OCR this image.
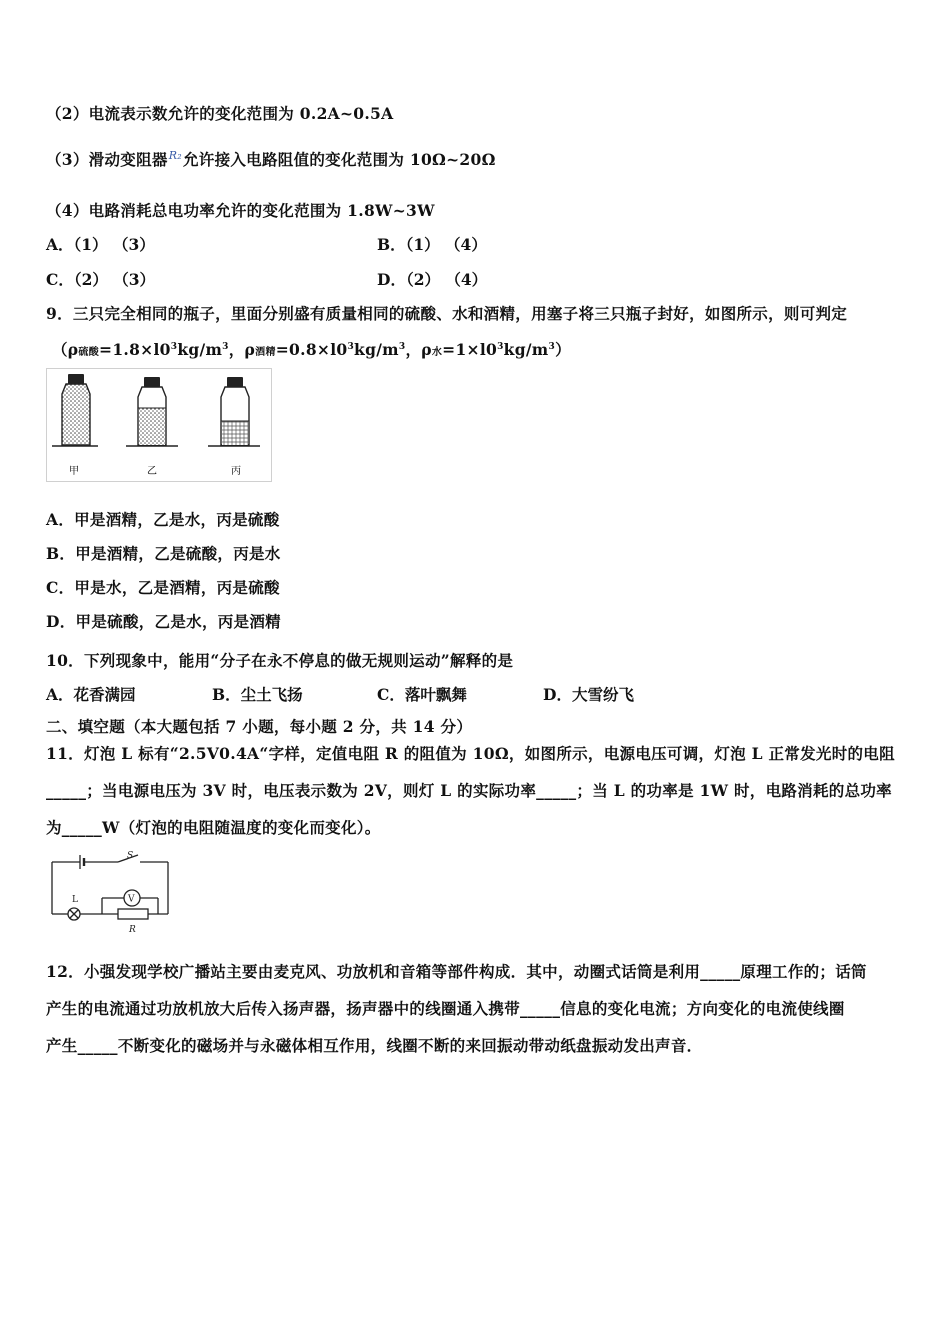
（2）电流表示数允许的变化范围为 0.2A~0.5A
（3）滑动变阻器$^{R_2}$允许接入电路阻值的变化范围为 10Ω~20Ω
（4）电路消耗总电功率允许的变化范围为 1.8W~3W
A．（1） （3）	B．（1） （4）
C．（2） （3）	D．（2） （4）
9．三只完全相同的瓶子，里面分别盛有质量相同的硫酸、水和酒精，用塞子将三只瓶子封好，如图所示，则可判定
（ρ硫酸$=1.8\times l0^3kg/m^3$，ρ酒精$=0.8\times l0^3kg/m^3$，ρ水$=1\times l0^3kg/m^3$）
甲	乙	丙
A．甲是酒精，乙是水，丙是硫酸
B．甲是酒精，乙是硫酸，丙是水
C．甲是水，乙是酒精，丙是硫酸
D．甲是硫酸，乙是水，丙是酒精
10．下列现象中，能用“分子在永不停息的做无规则运动”解释的是
A．花香满园	B．尘土飞扬	C．落叶飘舞	D．大雪纷飞
二、填空题（本大题包括 7 小题，每小题 2 分，共 14 分）
11．灯泡 L 标有“2.5V0.4A“字样，定值电阻 R 的阻值为 10Ω，如图所示，电源电压可调，灯泡 L 正常发光时的电阻
_____；当电源电压为 3V 时，电压表示数为 2V，则灯 L 的实际功率_____；当 L 的功率是 1W 时，电路消耗的总功率
为_____W（灯泡的电阻随温度的变化而变化）。
S
L	V
R
12．小强发现学校广播站主要由麦克风、功放机和音箱等部件构成．其中，动圈式话筒是利用_____原理工作的；话筒
产生的电流通过功放机放大后传入扬声器，扬声器中的线圈通入携带_____信息的变化电流；方向变化的电流使线圈
产生_____不断变化的磁场并与永磁体相互作用，线圈不断的来回振动带动纸盘振动发出声音．
